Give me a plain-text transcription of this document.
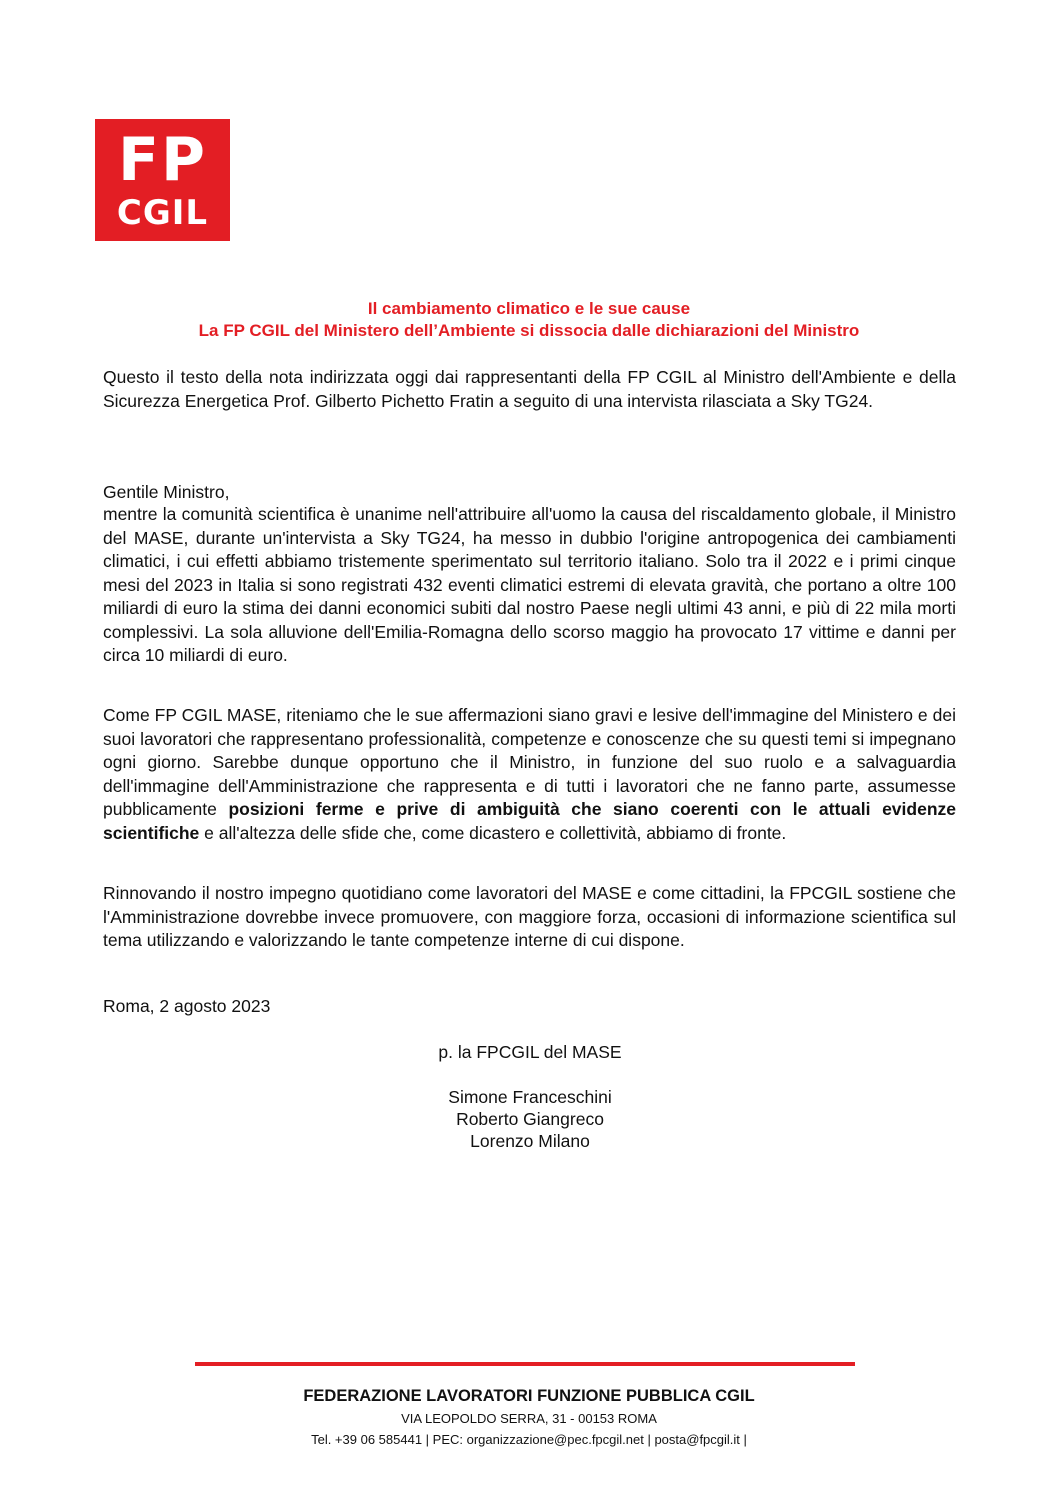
FP
CGIL

Il cambiamento climatico e le sue cause

La FP CGIL del Ministero dell’Ambiente si dissocia dalle dichiarazioni del Ministro

Questo il testo della nota indirizzata oggi dai rappresentanti della FP CGIL al Ministro dell'Ambiente e della Sicurezza Energetica Prof. Gilberto Pichetto Fratin a seguito di una intervista rilasciata a Sky TG24.

Gentile Ministro,

mentre la comunità scientifica è unanime nell'attribuire all'uomo la causa del riscaldamento globale, il Ministro del MASE, durante un'intervista a Sky TG24, ha messo in dubbio l'origine antropogenica dei cambiamenti climatici, i cui effetti abbiamo tristemente sperimentato sul territorio italiano. Solo tra il 2022 e i primi cinque mesi del 2023 in Italia si sono registrati 432 eventi climatici estremi di elevata gravità, che portano a oltre 100 miliardi di euro la stima dei danni economici subiti dal nostro Paese negli ultimi 43 anni, e più di 22 mila morti complessivi. La sola alluvione dell'Emilia-Romagna dello scorso maggio ha provocato 17 vittime e danni per circa 10 miliardi di euro.

Come FP CGIL MASE, riteniamo che le sue affermazioni siano gravi e lesive dell'immagine del Ministero e dei suoi lavoratori che rappresentano professionalità, competenze e conoscenze che su questi temi si impegnano ogni giorno. Sarebbe dunque opportuno che il Ministro, in funzione del suo ruolo e a salvaguardia dell'immagine dell'Amministrazione che rappresenta e di tutti i lavoratori che ne fanno parte, assumesse pubblicamente posizioni ferme e prive di ambiguità che siano coerenti con le attuali evidenze scientifiche e all'altezza delle sfide che, come dicastero e collettività, abbiamo di fronte.

Rinnovando il nostro impegno quotidiano come lavoratori del MASE e come cittadini, la FPCGIL sostiene che l'Amministrazione dovrebbe invece promuovere, con maggiore forza, occasioni di informazione scientifica sul tema utilizzando e valorizzando le tante competenze interne di cui dispone.

Roma, 2 agosto 2023

p. la FPCGIL del MASE

Simone Franceschini

Roberto Giangreco

Lorenzo Milano

FEDERAZIONE LAVORATORI FUNZIONE PUBBLICA CGIL

VIA LEOPOLDO SERRA, 31 - 00153 ROMA

Tel. +39 06 585441 | PEC: organizzazione@pec.fpcgil.net | posta@fpcgil.it |
